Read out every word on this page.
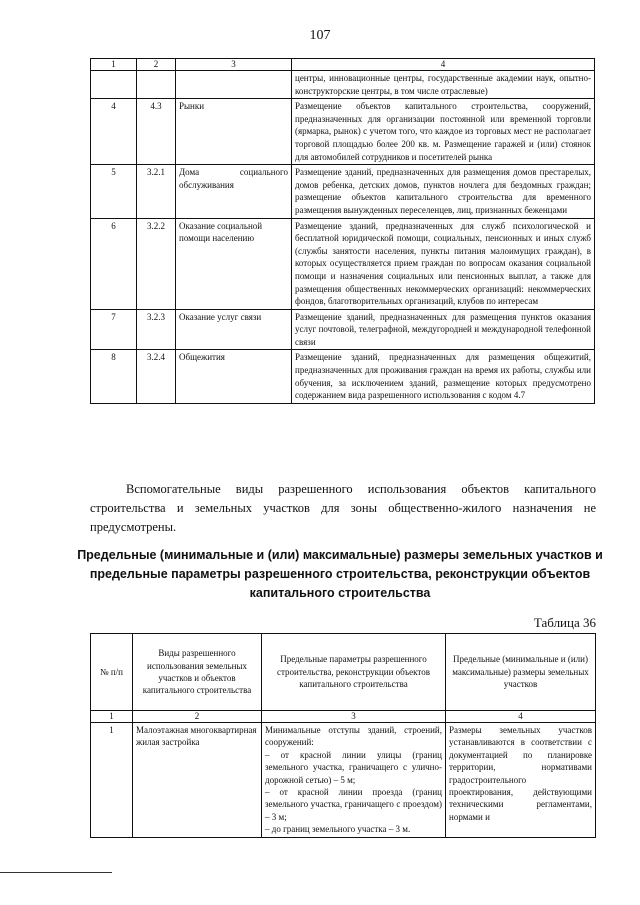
107
1	2	3	4
			центры, инновационные центры, государственные академии наук, опытно-конструкторские центры, в том числе отраслевые)
4	4.3	Рынки	Размещение объектов капитального строительства, сооружений, предназначенных для организации постоянной или временной торговли (ярмарка, рынок) с учетом того, что каждое из торговых мест не располагает торговой площадью более 200 кв. м. Размещение гаражей и (или) стоянок для автомобилей сотрудников и посетителей рынка
5	3.2.1	Дома социального обслуживания	Размещение зданий, предназначенных для размещения домов престарелых, домов ребенка, детских домов, пунктов ночлега для бездомных граждан; размещение объектов капитального строительства для временного размещения вынужденных переселенцев, лиц, признанных беженцами
6	3.2.2	Оказание социальной помощи населению	Размещение зданий, предназначенных для служб психологической и бесплатной юридической помощи, социальных, пенсионных и иных служб (службы занятости населения, пункты питания малоимущих граждан), в которых осуществляется прием граждан по вопросам оказания социальной помощи и назначения социальных или пенсионных выплат, а также для размещения общественных некоммерческих организаций: некоммерческих фондов, благотворительных организаций, клубов по интересам
7	3.2.3	Оказание услуг связи	Размещение зданий, предназначенных для размещения пунктов оказания услуг почтовой, телеграфной, междугородней и международной телефонной связи
8	3.2.4	Общежития	Размещение зданий, предназначенных для размещения общежитий, предназначенных для проживания граждан на время их работы, службы или обучения, за исключением зданий, размещение которых предусмотрено содержанием вида разрешенного использования с кодом 4.7
Вспомогательные виды разрешенного использования объектов капитального строительства и земельных участков для зоны общественно-жилого назначения не предусмотрены.
Предельные (минимальные и (или) максимальные) размеры земельных участков и предельные параметры разрешенного строительства, реконструкции объектов капитального строительства
Таблица 36
№ п/п	Виды разрешенного использования земельных участков и объектов капитального строительства	Предельные параметры разрешенного строительства, реконструкции объектов капитального строительства	Предельные (минимальные и (или) максимальные) размеры земельных участков
1	2	3	4
1	Малоэтажная многоквартирная жилая застройка	Минимальные отступы зданий, строений, сооружений:
– от красной линии улицы (границ земельного участка, граничащего с улично-дорожной сетью) – 5 м;
– от красной линии проезда (границ земельного участка, граничащего с проездом) – 3 м;
– до границ земельного участка – 3 м.	Размеры земельных участков устанавливаются в соответствии с документацией по планировке территории, нормативами градостроительного проектирования, действующими техническими регламентами, нормами и
